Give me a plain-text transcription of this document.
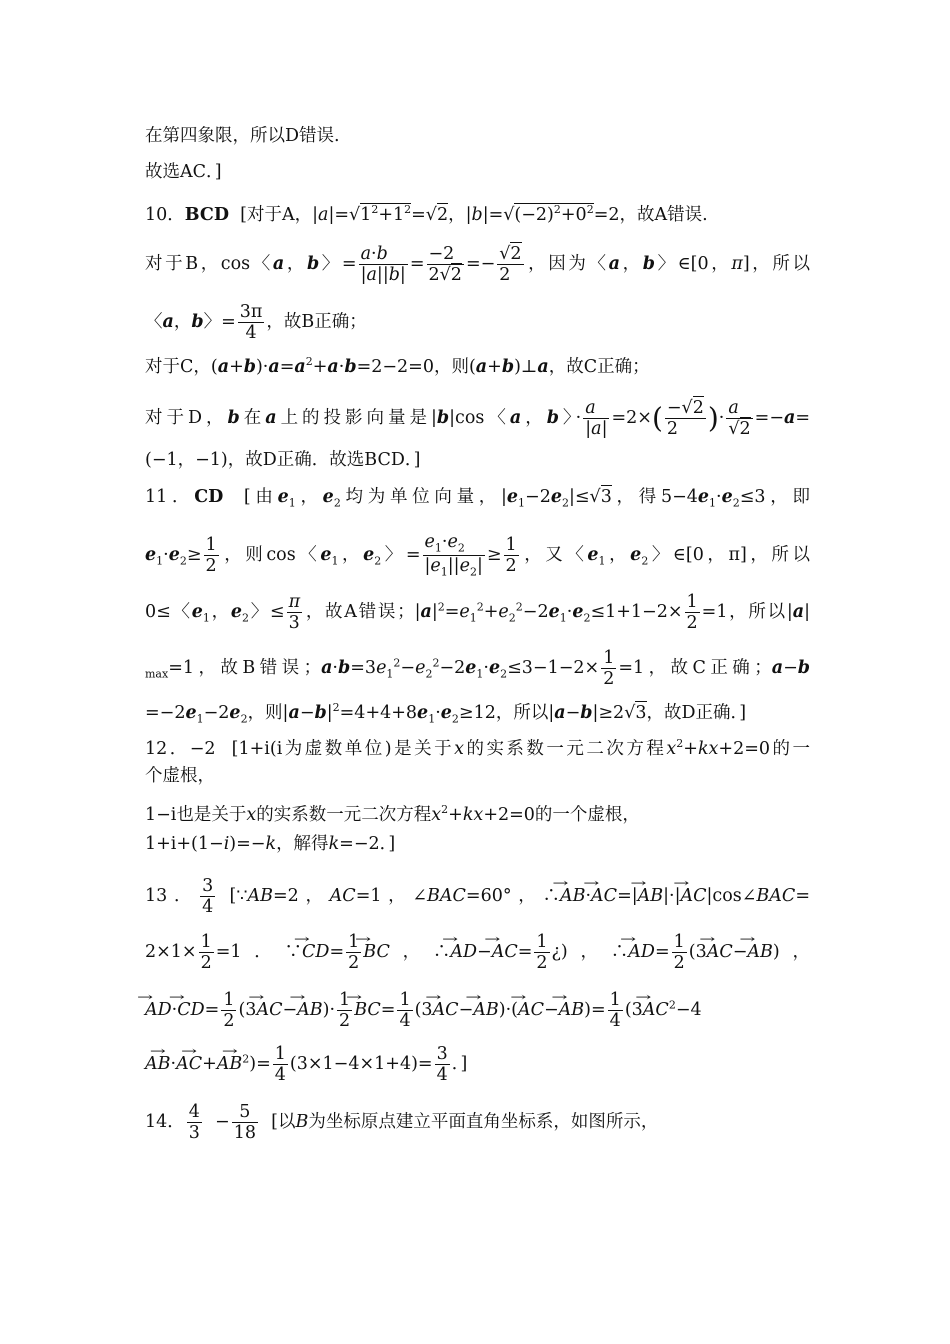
在第四象限，所以D错误.
故选AC．]
10．BCD  [对于A，$|a|=√1^2+1^2=√2$，$|b|=√(-2)^2+0^2=2$，故A错误.
对于B，cos〈a，b〉= $\frac{a\cdot b}{|a||b|} = \frac{-2}{2√2} =- \frac{√2}{2}$ ，因为〈a，b〉∈[0，π]，所以
〈a，b〉= $\frac{3\pi}{4}$ ，故B正确；
对于C，$(a+b)\cdot a=a^2+a\cdot b=2-2=0$，则(a+b)⊥a，故C正确；
对于D，b在a上的投影向量是|b|cos〈a，b〉· $\frac{a}{|a|} =2\times( \frac{-√2}{2}$ )· $\frac{a}{√2} =-a=$
(−1，−1)，故D正确．故选BCD．]
11．CD  [由$e_1$，$e_2$均为单位向量，$|e_1-2e_2|\le√3$，得$5-4e_1\cdot e_2\le 3$，即
$e_1\cdot e_2\ge \frac{1}{2}$ ，则cos〈$e_1$，$e_2$〉= $\frac{e_1\cdot e_2}{|e_1||e_2|} \ge \frac{1}{2}$ ，又〈$e_1$，$e_2$〉∈[0，π]，所以
0≤〈$e_1$，$e_2$〉≤ $\frac{\pi}{3}$ ，故A错误；$|a|^2=e_1^2+e_2^2-2e_1\cdot e_2\le 1+1-2\times \frac{1}{2} =1$，所以|a|
$_{max}$=1，故B错误；$a\cdot b=3e_1^2-e_2^2-2e_1\cdot e_2\le 3-1-2\times \frac{1}{2} =1$，故C正确；a−b
$=-2e_1-2e_2$，则$|a-b|^2=4+4+8e_1\cdot e_2\ge 12$，所以|a−b|≥2√3，故D正确．]
12．−2  [1+i(i为虚数单位)是关于x的实系数一元二次方程$x^2+kx+2=0$的一
个虚根，
1−i也是关于x的实系数一元二次方程$x^2+kx+2=0$的一个虚根，
1+i+(1−i)=−k，解得k=−2．]
13． $\frac{3}{4}$ [∵AB=2，AC=1，∠BAC=60°，∴→ AB·→ AC=|→ AB|·|→ AC|cos∠BAC=
$2\times 1\times \frac{1}{2} =1$．∵→ $CD= \frac{1}{2}$
→ BC，∴→ $AD-\to AC= \frac{1}{2}$ ¿)，∴→ $AD= \frac{1}{2} (3\to AC-\to AB)$，
→ $AD\cdot\to CD= \frac{1}{2} (3\to AC-\to AB)\cdot \frac{1}{2}$
→ $BC= \frac{1}{4} (3\to AC-\to AB)\cdot(\to AC-\to AB)= \frac{1}{4} (3\to AC^2-4$
→ $AB\cdot\to AC+\to AB^2)= \frac{1}{4} (3\times 1-4\times 1+4)= \frac{3}{4}$ ．]
14． $\frac{4}{3} - \frac{5}{18}$ [以B为坐标原点建立平面直角坐标系，如图所示，
